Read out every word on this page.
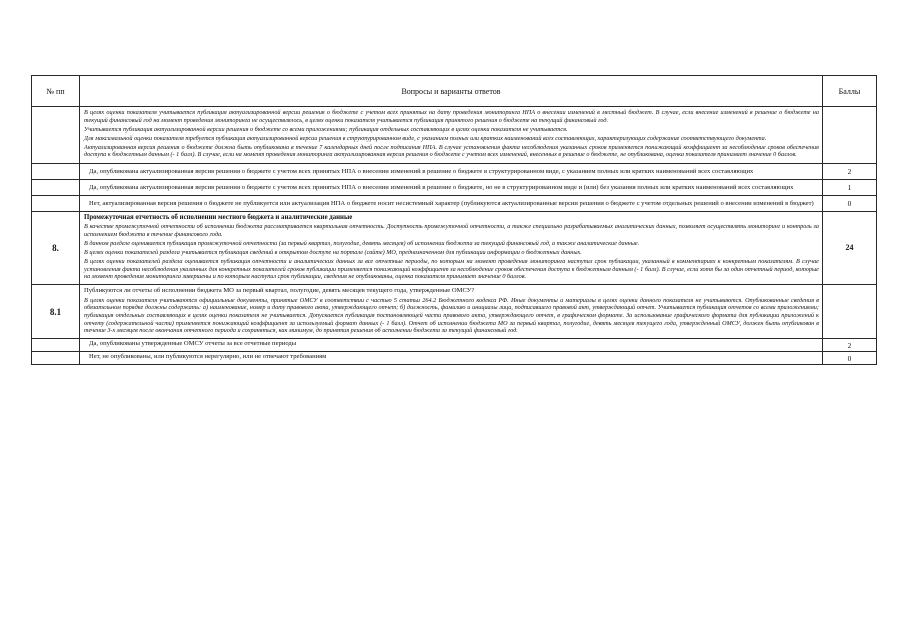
№ пп	Вопросы и варианты ответов	Баллы

	В целях оценки показателя учитывается публикация актуализированной версии решения о бюджете с учетом всех принятых на дату проведения мониторинга НПА о внесении изменений в местный бюджет. В случае, если внесение изменений в решение о бюджете на текущий финансовый год на момент проведения мониторинга не осуществлялось, в целях оценки показателя учитывается публикация принятого решения о бюджете на текущий финансовый год.

Учитывается публикация актуализированной версии решения о бюджете со всеми приложениями; публикация отдельных составляющих в целях оценки показателя не учитывается.

Для максимальной оценки показателя требуется публикация актуализированной версии решения в структурированном виде, с указанием полных или кратких наименований всех составляющих, характеризующих содержание соответствующего документа.

Актуализированная версия решения о бюджете должна быть опубликована в течение 7 календарных дней после подписания НПА. В случае установления факта несоблюдения указанных сроков применяется понижающий коэффициент за несоблюдение сроков обеспечения доступа к бюджетным данным (- 1 балл). В случае, если на момент проведения мониторинга актуализированная версия решения о бюджете с учетом всех изменений, внесенных в решение о бюджете, не опубликована, оценка показателя принимает значение 0 баллов.	

	Да, опубликована актуализированная версия решения о бюджете с учетом всех принятых НПА о внесении изменений в решение о бюджете в структурированном виде, с указанием полных или кратких наименований всех составляющих	2
	Да, опубликована актуализированная версия решения о бюджете с учетом всех принятых НПА о внесении изменений в решение о бюджете, но не в структурированном виде и (или) без указания полных или кратких наименований всех составляющих	1
	Нет, актуализированная версия решения о бюджете не публикуется или актуализация НПА о бюджете носит несистемный характер (публикуются актуализированные версии решения о бюджете с учетом отдельных решений о внесении изменений в бюджет)	0
8.	Промежуточная отчетность об исполнении местного бюджета и аналитические данные

В качестве промежуточной отчетности об исполнении бюджета рассматривается квартальная отчетность. Доступность промежуточной отчетности, а также специально разрабатываемых аналитических данных, позволяет осуществлять мониторинг и контроль за исполнением бюджета в течение финансового года.

В данном разделе оценивается публикация промежуточной отчетности (за первый квартал, полугодие, девять месяцев) об исполнении бюджета за текущий финансовый год, а также аналитические данные.

В целях оценки показателей раздела учитывается публикация сведений в открытом доступе на портале (сайте) МО, предназначенном для публикации информации о бюджетных данных.

В целях оценки показателей раздела оценивается публикация отчетности и аналитических данных за все отчетные периоды, по которым на момент проведения мониторинга наступил срок публикации, указанный в комментариях к конкретным показателям. В случае установления факта несоблюдения указанных для конкретных показателей сроков публикации применяется понижающий коэффициент за несоблюдение сроков обеспечения доступа к бюджетным данным (- 1 балл). В случае, если хотя бы за один отчетный период, которые на момент проведения мониторинга завершены и по которым наступил срок публикации, сведения не опубликованы, оценка показателя принимает значение 0 баллов.	24
8.1	Публикуются ли отчеты об исполнении бюджета МО за первый квартал, полугодие, девять месяцев текущего года, утвержденные ОМСУ?

В целях оценки показателя учитываются официальные документы, принятые ОМСУ в соответствии с частью 5 статьи 264.2 Бюджетного кодекса РФ. Иные документы и материалы в целях оценки данного показателя не учитываются. Опубликованные сведения в обязательном порядке должны содержать: а) наименование, номер и дату правового акта, утверждающего отчет; б) должность, фамилию и инициалы лица, подписавшего правовой акт, утверждающий отчет. Учитывается публикация отчетов со всеми приложениями; публикация отдельных составляющих в целях оценки показателя не учитывается. Допускается публикация постановляющей части правового акта, утверждающего отчет, в графическом формате. За использование графического формата для публикации приложений к отчету (содержательной части) применяется понижающий коэффициент за используемый формат данных (- 1 балл). Отчет об исполнении бюджета МО за первый квартал, полугодие, девять месяцев текущего года, утвержденный ОМСУ, должен быть опубликован в течение 3-х месяцев после окончания отчетного периода и сохраняться, как минимум, до принятия решения об исполнении бюджета за текущий финансовый год.	

	Да, опубликованы утвержденные ОМСУ отчеты за все отчетные периоды	2
	Нет, не опубликованы, или публикуются нерегулярно, или не отвечают требованиям	0
